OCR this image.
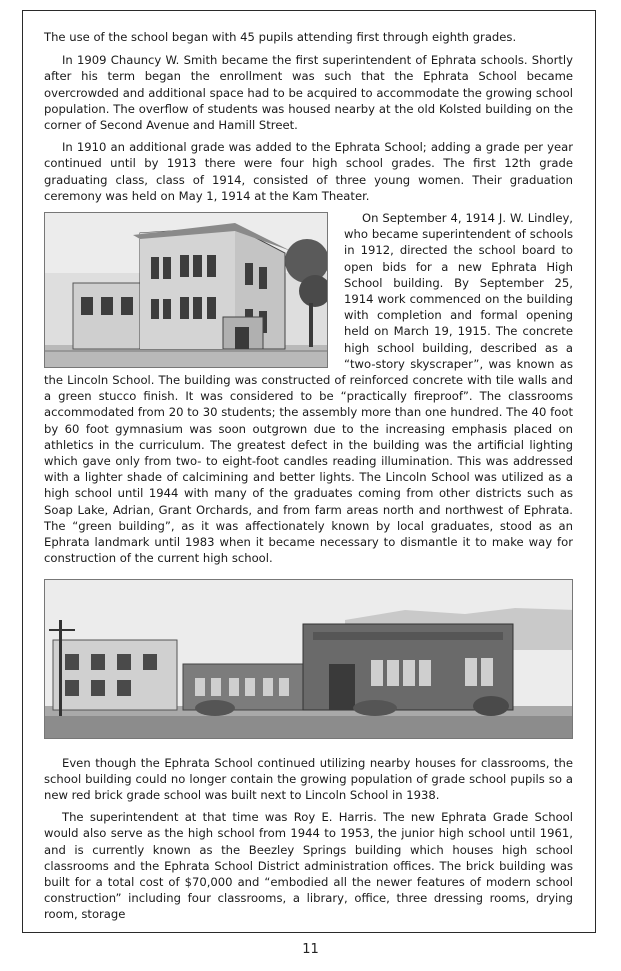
The use of the school began with 45 pupils attending first through eighth grades.

In 1909 Chauncy W. Smith became the first superintendent of Ephrata schools. Shortly after his term began the enrollment was such that the Ephrata School became overcrowded and additional space had to be acquired to accommodate the growing school population. The overflow of students was housed nearby at the old Kolsted building on the corner of Second Avenue and Hamill Street.

In 1910 an additional grade was added to the Ephrata School; adding a grade per year continued until by 1913 there were four high school grades. The first 12th grade graduating class, class of 1914, consisted of three young women. Their graduation ceremony was held on May 1, 1914 at the Kam Theater.

On September 4, 1914 J. W. Lindley, who became superintendent of schools in 1912, directed the school board to open bids for a new Ephrata High School building. By September 25, 1914 work commenced on the building with completion and formal opening held on March 19, 1915. The concrete high school building, described as a “two-story skyscraper”, was known as the Lincoln School. The building was constructed of reinforced concrete with tile walls and a green stucco finish. It was considered to be “practically fireproof”. The classrooms accommodated from 20 to 30 students; the assembly more than one hundred. The 40 foot by 60 foot gymnasium was soon outgrown due to the increasing emphasis placed on athletics in the curriculum. The greatest defect in the building was the artificial lighting which gave only from two- to eight-foot candles reading illumination. This was addressed with a lighter shade of calcimining and better lights. The Lincoln School was utilized as a high school until 1944 with many of the graduates coming from other districts such as Soap Lake, Adrian, Grant Orchards, and from farm areas north and northwest of Ephrata. The “green building”, as it was affectionately known by local graduates, stood as an Ephrata landmark until 1983 when it became necessary to dismantle it to make way for construction of the current high school.

Even though the Ephrata School continued utilizing nearby houses for classrooms, the school building could no longer contain the growing population of grade school pupils so a new red brick grade school was built next to Lincoln School in 1938.

The superintendent at that time was Roy E. Harris. The new Ephrata Grade School would also serve as the high school from 1944 to 1953, the junior high school until 1961, and is currently known as the Beezley Springs building which houses high school classrooms and the Ephrata School District administration offices. The brick building was built for a total cost of $70,000 and “embodied all the newer features of modern school construction” including four classrooms, a library, office, three dressing rooms, drying room, storage

11
